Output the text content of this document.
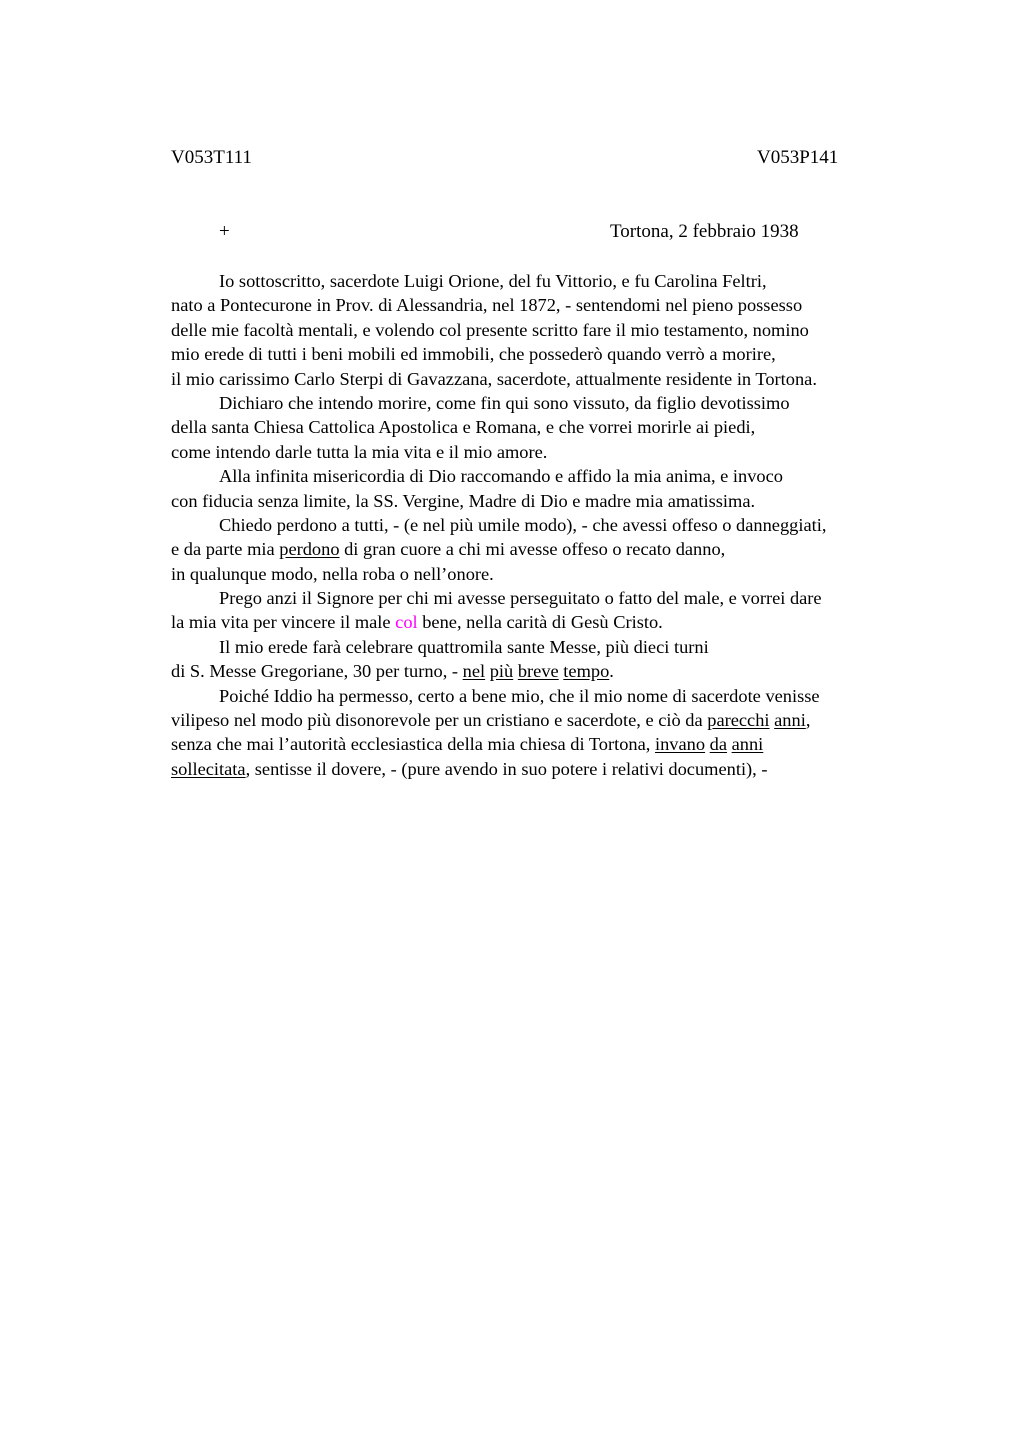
V053T111	V053P141
+	Tortona, 2 febbraio 1938
Io sottoscritto, sacerdote Luigi Orione, del fu Vittorio, e fu Carolina Feltri,
nato a Pontecurone in Prov. di Alessandria, nel 1872, - sentendomi nel pieno possesso
delle mie facoltà mentali, e volendo col presente scritto fare il mio testamento, nomino
mio erede di tutti i beni mobili ed immobili, che possederò quando verrò a morire,
il mio carissimo Carlo Sterpi di Gavazzana, sacerdote, attualmente residente in Tortona.
Dichiaro che intendo morire, come fin qui sono vissuto, da figlio devotissimo
della santa Chiesa Cattolica Apostolica e Romana, e che vorrei morirle ai piedi,
come intendo darle tutta la mia vita e il mio amore.
Alla infinita misericordia di Dio raccomando e affido la mia anima, e invoco
con fiducia senza limite, la SS. Vergine, Madre di Dio e madre mia amatissima.
Chiedo perdono a tutti, - (e nel più umile modo), - che avessi offeso o danneggiati,
e da parte mia perdono di gran cuore a chi mi avesse offeso o recato danno,
in qualunque modo, nella roba o nell’onore.
Prego anzi il Signore per chi mi avesse perseguitato o fatto del male, e vorrei dare
la mia vita per vincere il male col bene, nella carità di Gesù Cristo.
Il mio erede farà celebrare quattromila sante Messe, più dieci turni
di S. Messe Gregoriane, 30 per turno, - nel più breve tempo.
Poiché Iddio ha permesso, certo a bene mio, che il mio nome di sacerdote venisse
vilipeso nel modo più disonorevole per un cristiano e sacerdote, e ciò da parecchi anni,
senza che mai l’autorità ecclesiastica della mia chiesa di Tortona, invano da anni
sollecitata, sentisse il dovere, - (pure avendo in suo potere i relativi documenti), -
